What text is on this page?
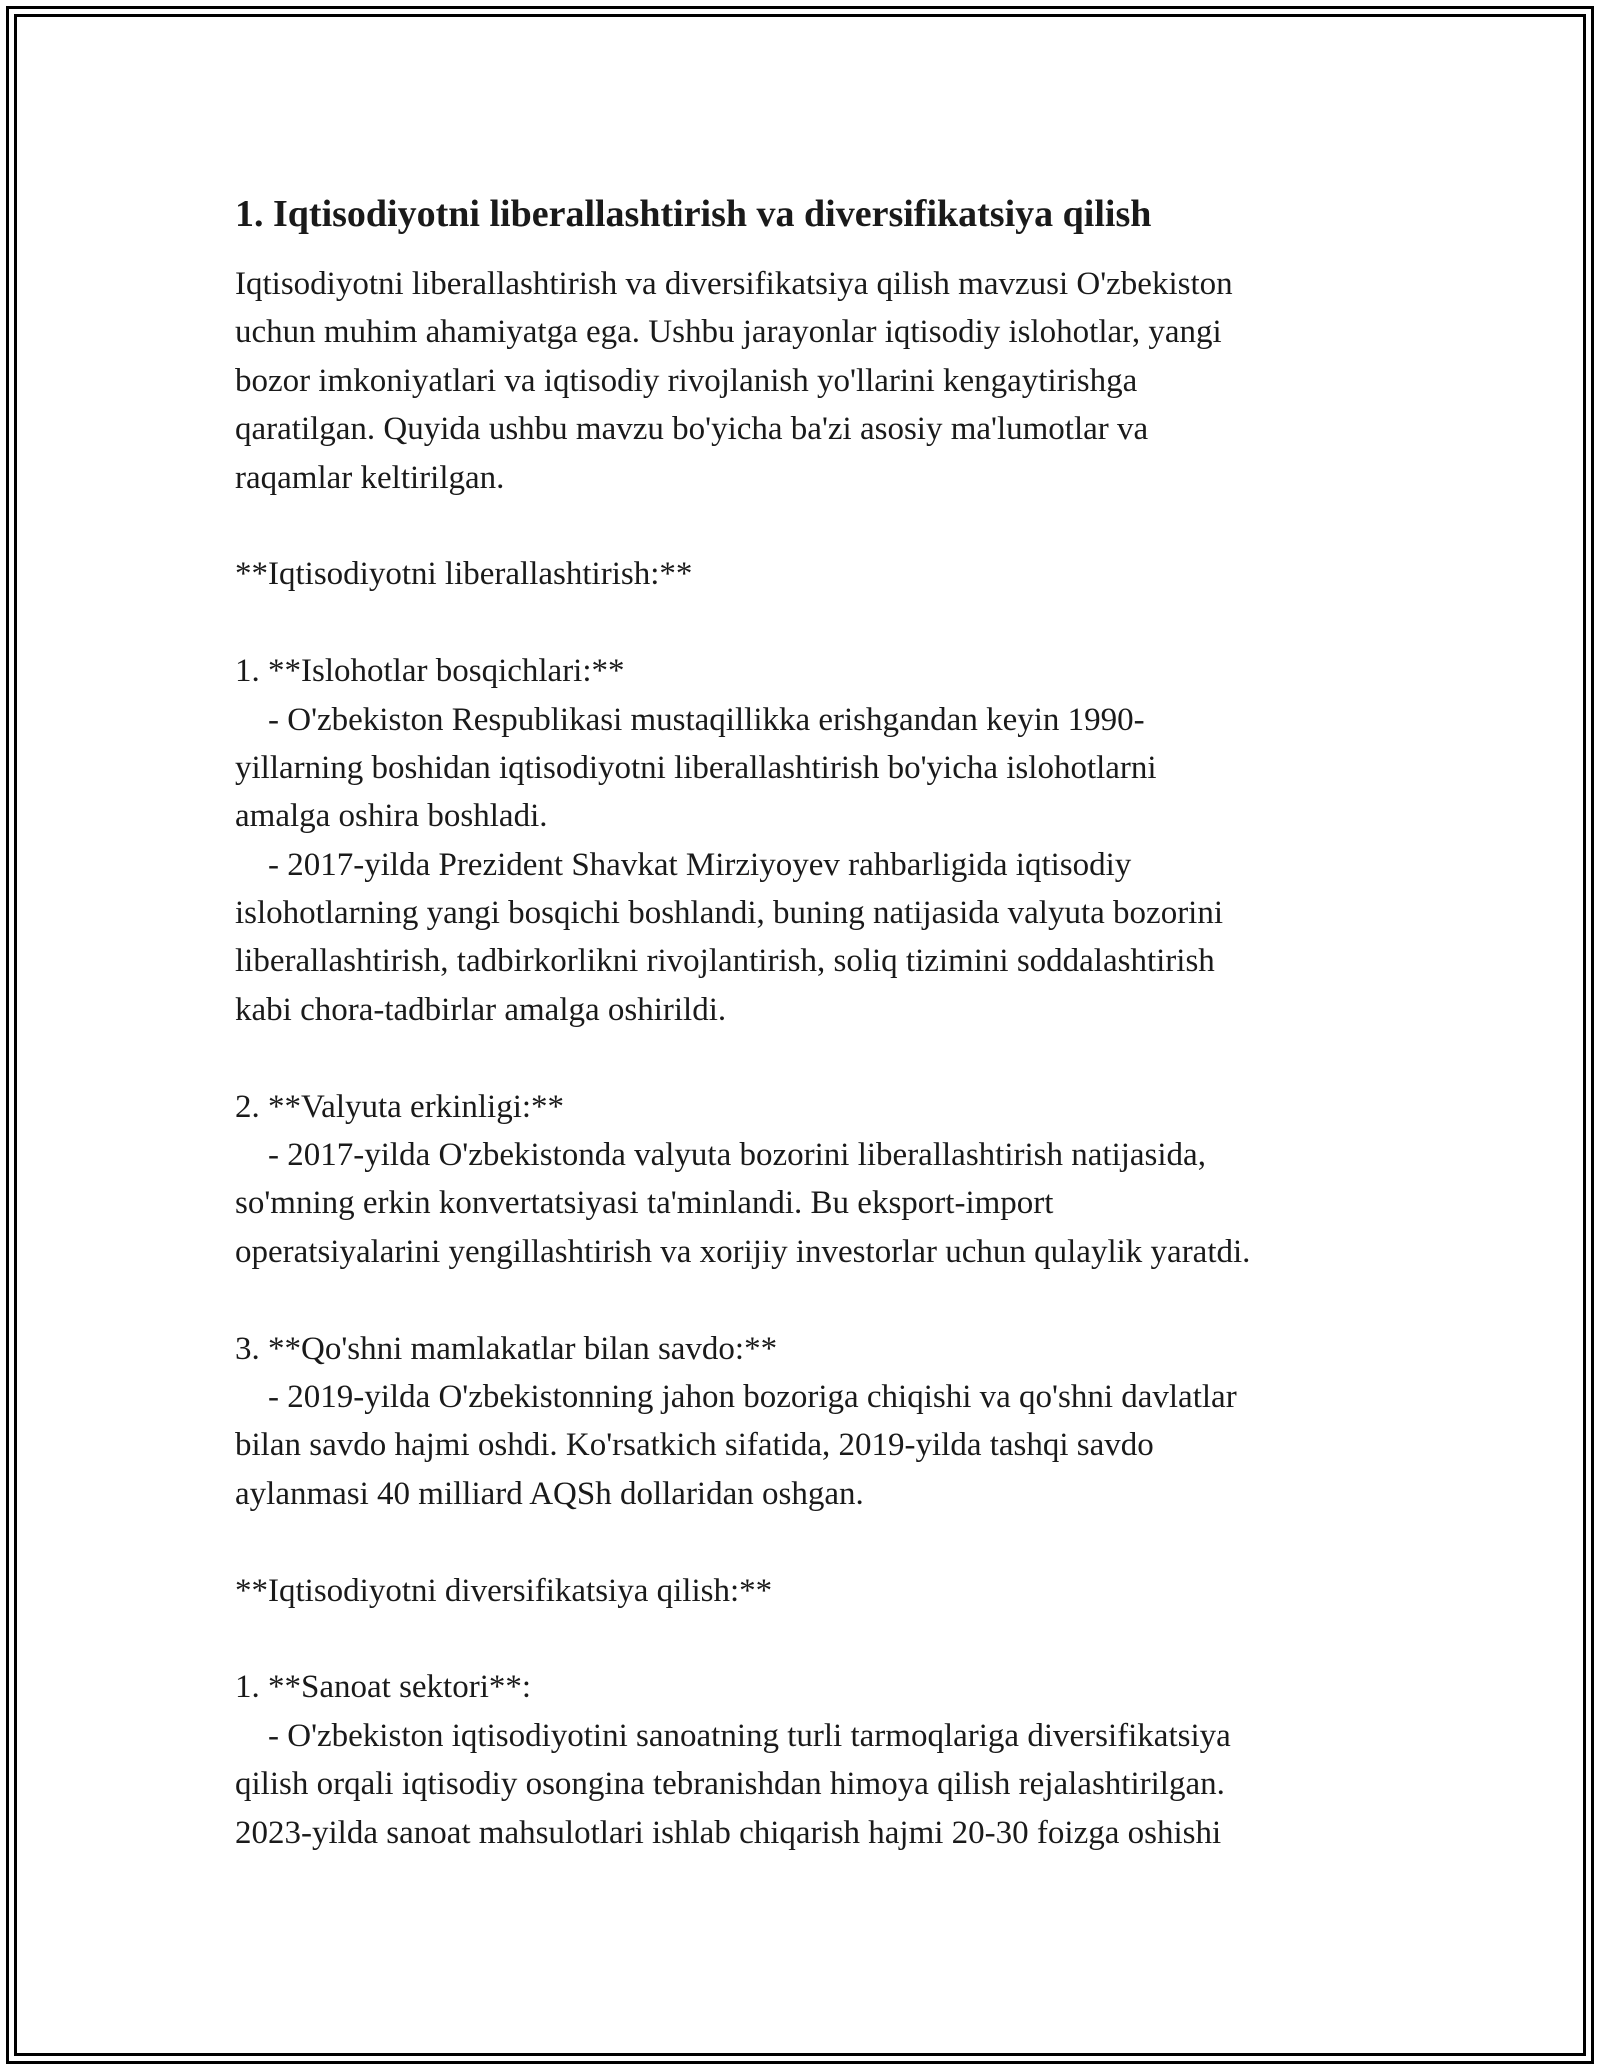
1. Iqtisodiyotni liberallashtirish va diversifikatsiya qilish
Iqtisodiyotni liberallashtirish va diversifikatsiya qilish mavzusi O'zbekiston
uchun muhim ahamiyatga ega. Ushbu jarayonlar iqtisodiy islohotlar, yangi
bozor imkoniyatlari va iqtisodiy rivojlanish yo'llarini kengaytirishga
qaratilgan. Quyida ushbu mavzu bo'yicha ba'zi asosiy ma'lumotlar va
raqamlar keltirilgan.
**Iqtisodiyotni liberallashtirish:**
1. **Islohotlar bosqichlari:**
- O'zbekiston Respublikasi mustaqillikka erishgandan keyin 1990-
yillarning boshidan iqtisodiyotni liberallashtirish bo'yicha islohotlarni
amalga oshira boshladi.
- 2017-yilda Prezident Shavkat Mirziyoyev rahbarligida iqtisodiy
islohotlarning yangi bosqichi boshlandi, buning natijasida valyuta bozorini
liberallashtirish, tadbirkorlikni rivojlantirish, soliq tizimini soddalashtirish
kabi chora-tadbirlar amalga oshirildi.
2. **Valyuta erkinligi:**
- 2017-yilda O'zbekistonda valyuta bozorini liberallashtirish natijasida,
so'mning erkin konvertatsiyasi ta'minlandi. Bu eksport-import
operatsiyalarini yengillashtirish va xorijiy investorlar uchun qulaylik yaratdi.
3. **Qo'shni mamlakatlar bilan savdo:**
- 2019-yilda O'zbekistonning jahon bozoriga chiqishi va qo'shni davlatlar
bilan savdo hajmi oshdi. Ko'rsatkich sifatida, 2019-yilda tashqi savdo
aylanmasi 40 milliard AQSh dollaridan oshgan.
**Iqtisodiyotni diversifikatsiya qilish:**
1. **Sanoat sektori**:
- O'zbekiston iqtisodiyotini sanoatning turli tarmoqlariga diversifikatsiya
qilish orqali iqtisodiy osongina tebranishdan himoya qilish rejalashtirilgan.
2023-yilda sanoat mahsulotlari ishlab chiqarish hajmi 20-30 foizga oshishi
